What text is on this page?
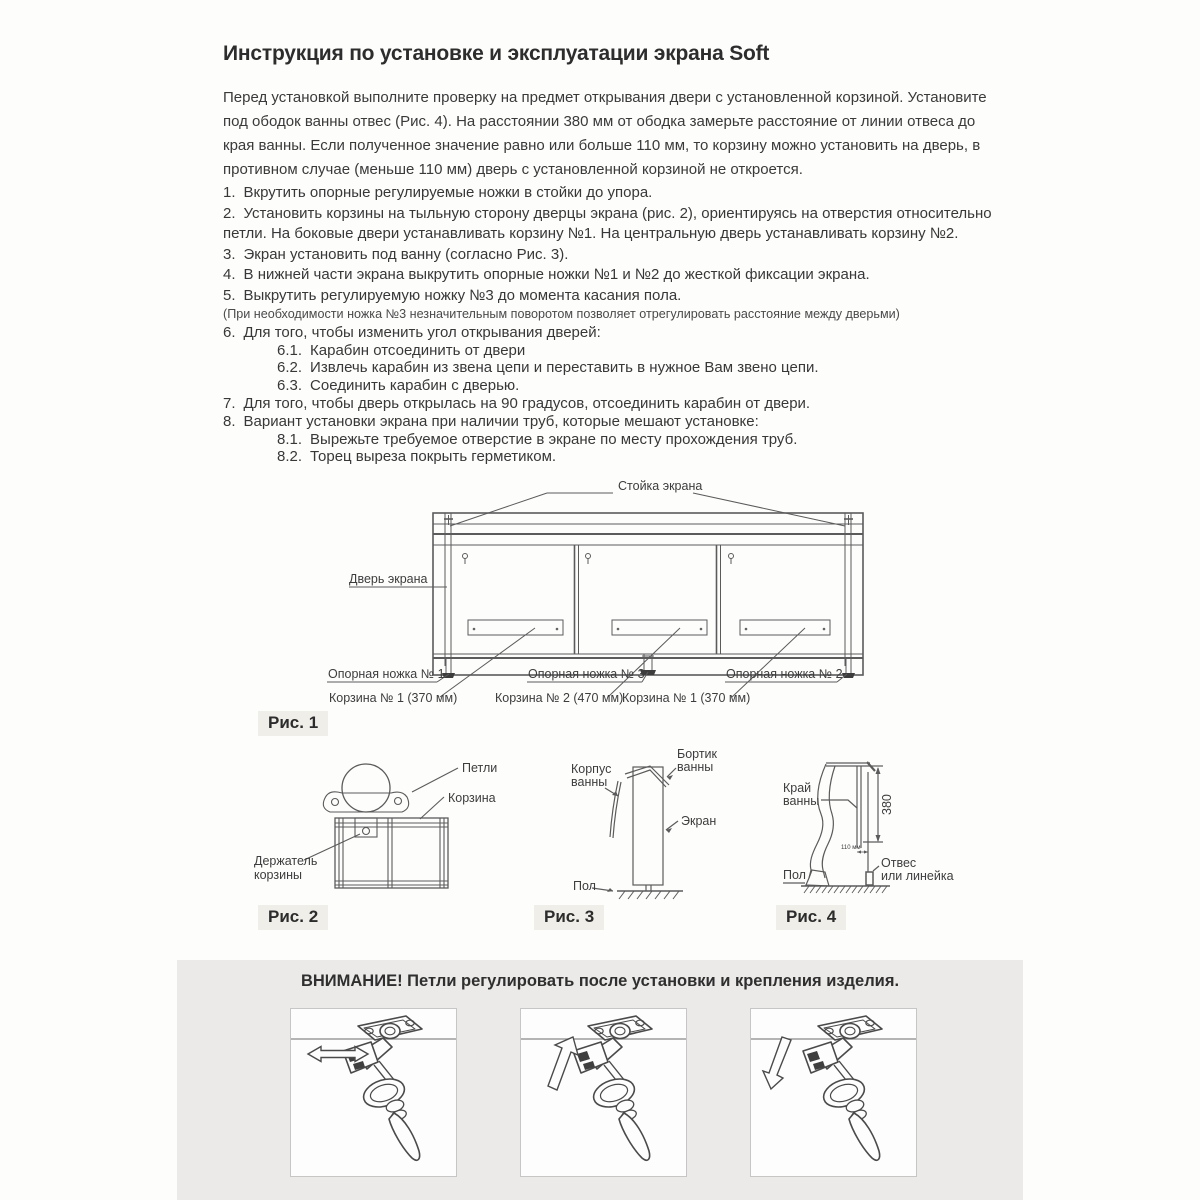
Инструкция по установке и эксплуатации экрана Soft
Перед установкой выполните проверку на предмет открывания двери с установленной корзиной. Установите под ободок ванны отвес (Рис. 4). На расстоянии 380 мм от ободка замерьте расстояние от линии отвеса до края ванны. Если полученное значение равно или больше 110 мм, то корзину можно установить на дверь, в противном случае (меньше 110 мм) дверь с установленной корзиной не откроется.
1. Вкрутить опорные регулируемые ножки в стойки до упора.
2. Установить корзины на тыльную сторону дверцы экрана (рис. 2), ориентируясь на отверстия относительно петли. На боковые двери устанавливать корзину №1. На центральную дверь устанавливать корзину №2.
3. Экран установить под ванну (согласно Рис. 3).
4. В нижней части экрана выкрутить опорные ножки №1 и №2 до жесткой фиксации экрана.
5. Выкрутить регулируемую ножку №3 до момента касания пола.
(При необходимости ножка №3 незначительным поворотом позволяет отрегулировать расстояние между дверьми)
6. Для того, чтобы изменить угол открывания дверей:
6.1. Карабин отсоединить от двери
6.2. Извлечь карабин из звена цепи и переставить в нужное Вам звено цепи.
6.3. Соединить карабин с дверью.
7. Для того, чтобы дверь открылась на 90 градусов, отсоединить карабин от двери.
8. Вариант установки экрана при наличии труб, которые мешают установке:
8.1. Вырежьте требуемое отверстие в экране по месту прохождения труб.
8.2. Торец выреза покрыть герметиком.
Стойка экрана
Дверь экрана
Опорная ножка № 1	Опорная ножка № 3	Опорная ножка № 2
Корзина № 1 (370 мм)	Корзина № 2 (470 мм)
Корзина № 1 (370 мм)
Рис. 1
Петли
Корзина
Держатель
корзины
Рис. 2
Бортик
ванны
Корпус
ванны
Экран
Пол
Рис. 3
Край
ванны
Пол
Отвес
или линейка
380
110 мм
Рис. 4
ВНИМАНИЕ! Петли регулировать после установки и крепления изделия.
